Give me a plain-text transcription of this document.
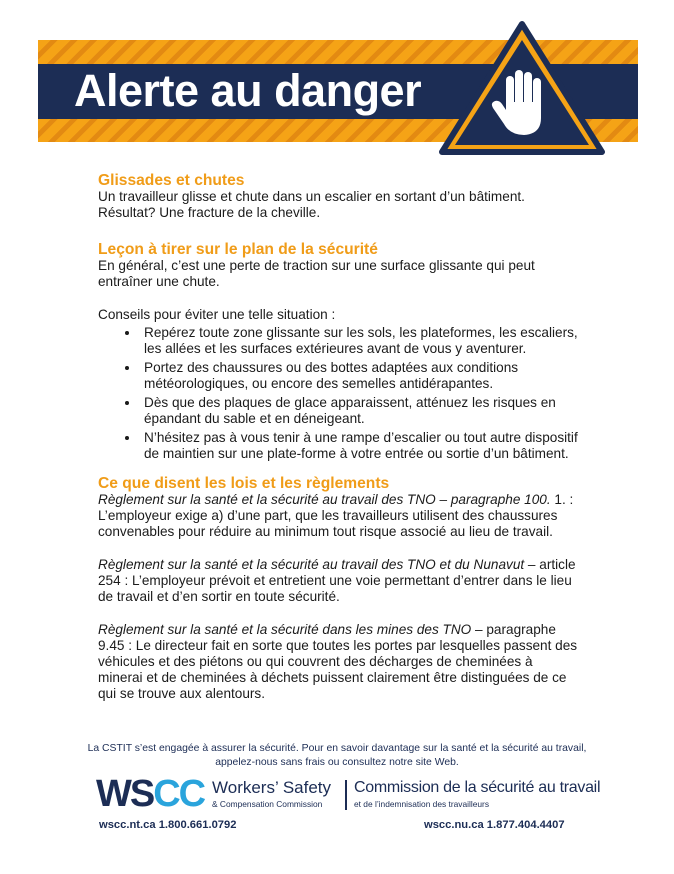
Alerte au danger
Glissades et chutes

Un travailleur glisse et chute dans un escalier en sortant d’un bâtiment. Résultat? Une fracture de la cheville.

Leçon à tirer sur le plan de la sécurité

En général, c’est une perte de traction sur une surface glissante qui peut entraîner une chute.

Conseils pour éviter une telle situation :

• Repérez toute zone glissante sur les sols, les plateformes, les escaliers, les allées et les surfaces extérieures avant de vous y aventurer.
• Portez des chaussures ou des bottes adaptées aux conditions météorologiques, ou encore des semelles antidérapantes.
• Dès que des plaques de glace apparaissent, atténuez les risques en épandant du sable et en déneigeant.
• N’hésitez pas à vous tenir à une rampe d’escalier ou tout autre dispositif de maintien sur une plate-forme à votre entrée ou sortie d’un bâtiment.
Ce que disent les lois et les règlements

Règlement sur la santé et la sécurité au travail des TNO – paragraphe 100. 1. : L’employeur exige a) d’une part, que les travailleurs utilisent des chaussures convenables pour réduire au minimum tout risque associé au lieu de travail.

Règlement sur la santé et la sécurité au travail des TNO et du Nunavut – article 254 : L’employeur prévoit et entretient une voie permettant d’entrer dans le lieu de travail et d’en sortir en toute sécurité.

Règlement sur la santé et la sécurité dans les mines des TNO – paragraphe 9.45 : Le directeur fait en sorte que toutes les portes par lesquelles passent des véhicules et des piétons ou qui couvrent des décharges de cheminées à minerai et de cheminées à déchets puissent clairement être distinguées de ce qui se trouve aux alentours.

La CSTIT s’est engagée à assurer la sécurité. Pour en savoir davantage sur la santé et la sécurité au travail, appelez-nous sans frais ou consultez notre site Web.
WSCC Workers’ Safety
& Compensation Commission
Commission de la sécurité au travail
et de l’indemnisation des travailleurs
wscc.nt.ca 1.800.661.0792	wscc.nu.ca 1.877.404.4407
